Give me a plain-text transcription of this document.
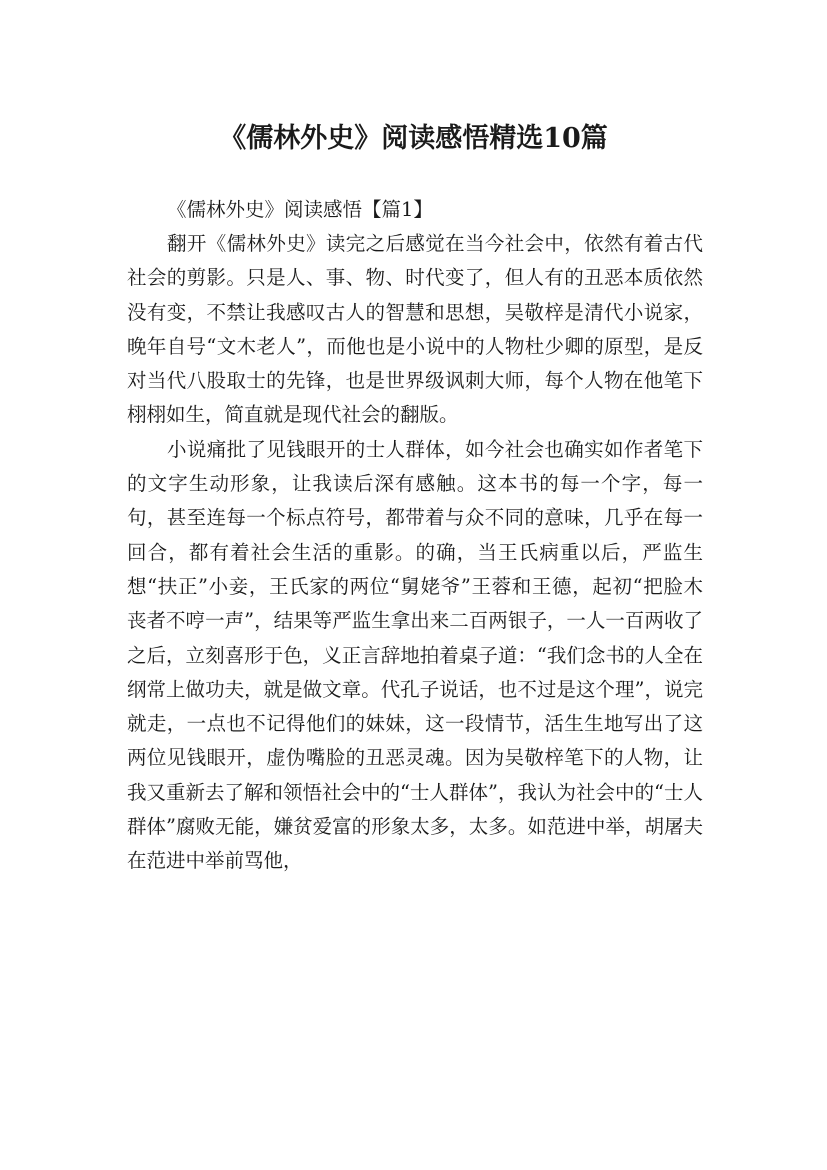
《儒林外史》阅读感悟精选10篇

《儒林外史》阅读感悟【篇1】

翻开《儒林外史》读完之后感觉在当今社会中，依然有着古代社会的剪影。只是人、事、物、时代变了，但人有的丑恶本质依然没有变，不禁让我感叹古人的智慧和思想，吴敬梓是清代小说家，晚年自号“文木老人”，而他也是小说中的人物杜少卿的原型，是反对当代八股取士的先锋，也是世界级讽刺大师，每个人物在他笔下栩栩如生，简直就是现代社会的翻版。

小说痛批了见钱眼开的士人群体，如今社会也确实如作者笔下的文字生动形象，让我读后深有感触。这本书的每一个字，每一句，甚至连每一个标点符号，都带着与众不同的意味，几乎在每一回合，都有着社会生活的重影。的确，当王氏病重以后，严监生想“扶正”小妾，王氏家的两位“舅姥爷”王蓉和王德，起初“把脸木丧者不哼一声”，结果等严监生拿出来二百两银子，一人一百两收了之后，立刻喜形于色，义正言辞地拍着桌子道：“我们念书的人全在纲常上做功夫，就是做文章。代孔子说话，也不过是这个理”，说完就走，一点也不记得他们的妹妹，这一段情节，活生生地写出了这两位见钱眼开，虚伪嘴脸的丑恶灵魂。因为吴敬梓笔下的人物，让我又重新去了解和领悟社会中的“士人群体”，我认为社会中的“士人群体”腐败无能，嫌贫爱富的形象太多，太多。如范进中举，胡屠夫在范进中举前骂他，
